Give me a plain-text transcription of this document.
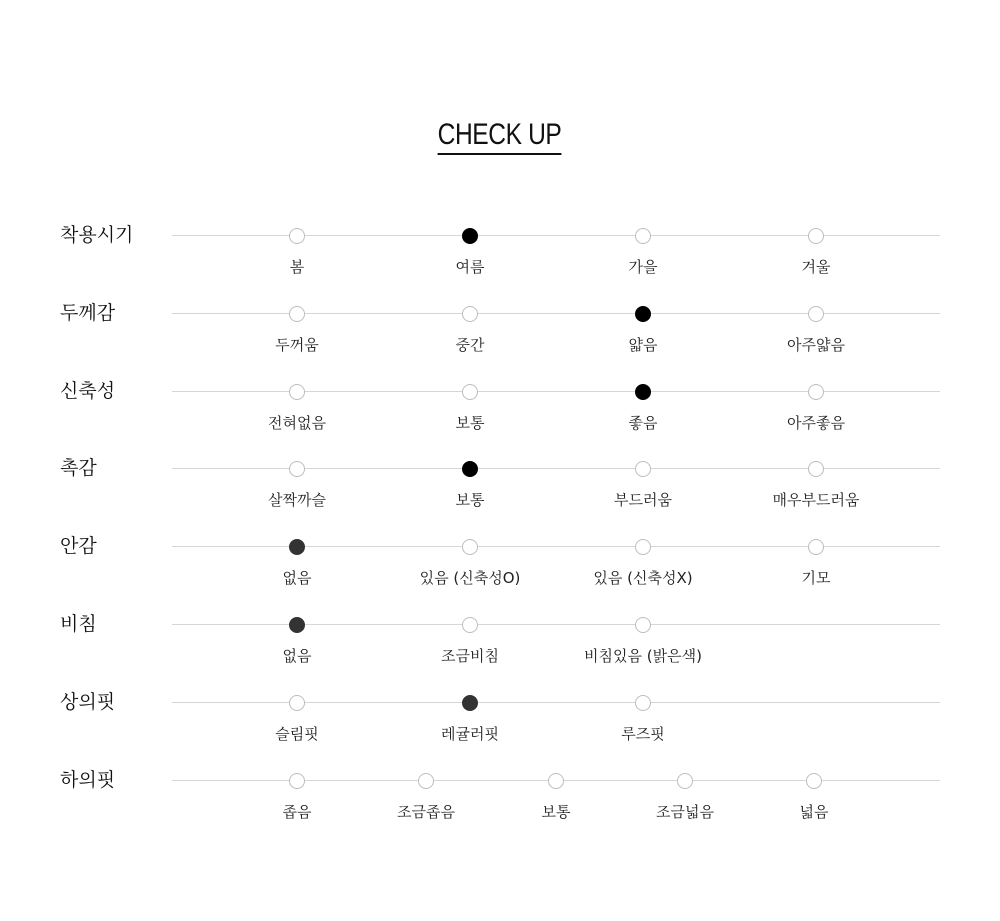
CHECK UP
착용시기
봄	여름	가을	겨울
두께감
두꺼움	중간	얇음	아주얇음
신축성
전혀없음	보통	좋음	아주좋음
촉감
살짝까슬	보통	부드러움	매우부드러움
안감
없음	있음 (신축성O)	있음 (신축성X)	기모
비침
없음	조금비침	비침있음 (밝은색)
상의핏
슬림핏	레귤러핏	루즈핏
하의핏
좁음	조금좁음	보통	조금넓음	넓음
